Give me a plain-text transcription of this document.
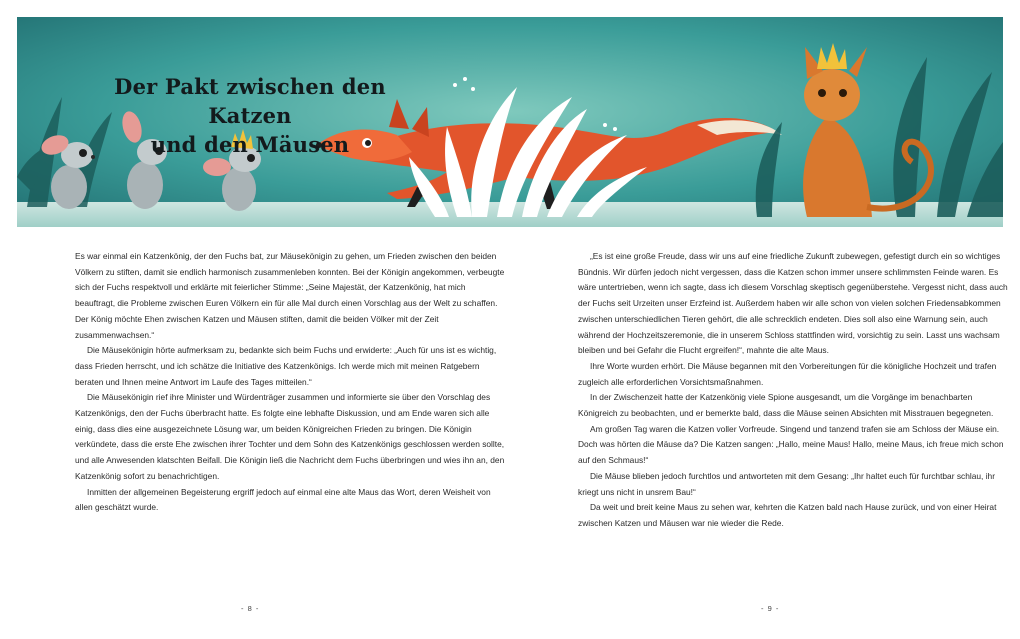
Der Pakt zwischen den Katzen
und den Mäusen

Es war einmal ein Katzenkönig, der den Fuchs bat, zur Mäusekönigin zu gehen, um Frieden zwischen den beiden Völkern zu stiften, damit sie endlich harmonisch zusammenleben konnten. Bei der Königin angekommen, verbeugte sich der Fuchs respektvoll und erklärte mit feierlicher Stimme: „Seine Majestät, der Katzenkönig, hat mich beauftragt, die Probleme zwischen Euren Völkern ein für alle Mal durch einen Vorschlag aus der Welt zu schaffen. Der König möchte Ehen zwischen Katzen und Mäusen stiften, damit die beiden Völker mit der Zeit zusammenwachsen.“

Die Mäusekönigin hörte aufmerksam zu, bedankte sich beim Fuchs und erwiderte: „Auch für uns ist es wichtig, dass Frieden herrscht, und ich schätze die Initiative des Katzenkönigs. Ich werde mich mit meinen Ratgebern beraten und Ihnen meine Antwort im Laufe des Tages mitteilen.“

Die Mäusekönigin rief ihre Minister und Würdenträger zusammen und informierte sie über den Vorschlag des Katzenkönigs, den der Fuchs überbracht hatte. Es folgte eine lebhafte Diskussion, und am Ende waren sich alle einig, dass dies eine ausgezeichnete Lösung war, um beiden Königreichen Frieden zu bringen. Die Königin verkündete, dass die erste Ehe zwischen ihrer Tochter und dem Sohn des Katzenkönigs geschlossen werden sollte, und alle Anwesenden klatschten Beifall. Die Königin ließ die Nachricht dem Fuchs überbringen und wies ihn an, den Katzenkönig sofort zu benachrichtigen.

Inmitten der allgemeinen Begeisterung ergriff jedoch auf einmal eine alte Maus das Wort, deren Weisheit von allen geschätzt wurde.

„Es ist eine große Freude, dass wir uns auf eine friedliche Zukunft zubewegen, gefestigt durch ein so wichtiges Bündnis. Wir dürfen jedoch nicht vergessen, dass die Katzen schon immer unsere schlimmsten Feinde waren. Es wäre untertrieben, wenn ich sagte, dass ich diesem Vorschlag skeptisch gegenüberstehe. Vergesst nicht, dass auch der Fuchs seit Urzeiten unser Erzfeind ist. Außerdem haben wir alle schon von vielen solchen Friedensabkommen zwischen unterschiedlichen Tieren gehört, die alle schrecklich endeten. Dies soll also eine Warnung sein, auch während der Hochzeitszeremonie, die in unserem Schloss stattfinden wird, vorsichtig zu sein. Lasst uns wachsam bleiben und bei Gefahr die Flucht ergreifen!“, mahnte die alte Maus.

Ihre Worte wurden erhört. Die Mäuse begannen mit den Vorbereitungen für die königliche Hochzeit und trafen zugleich alle erforderlichen Vorsichtsmaßnahmen.

In der Zwischenzeit hatte der Katzenkönig viele Spione ausgesandt, um die Vorgänge im benachbarten Königreich zu beobachten, und er bemerkte bald, dass die Mäuse seinen Absichten mit Misstrauen begegneten.

Am großen Tag waren die Katzen voller Vorfreude. Singend und tanzend trafen sie am Schloss der Mäuse ein. Doch was hörten die Mäuse da? Die Katzen sangen: „Hallo, meine Maus! Hallo, meine Maus, ich freue mich schon auf den Schmaus!“

Die Mäuse blieben jedoch furchtlos und antworteten mit dem Gesang: „Ihr haltet euch für furchtbar schlau, ihr kriegt uns nicht in unsrem Bau!“

Da weit und breit keine Maus zu sehen war, kehrten die Katzen bald nach Hause zurück, und von einer Heirat zwischen Katzen und Mäusen war nie wieder die Rede.

- 8 -	- 9 -
